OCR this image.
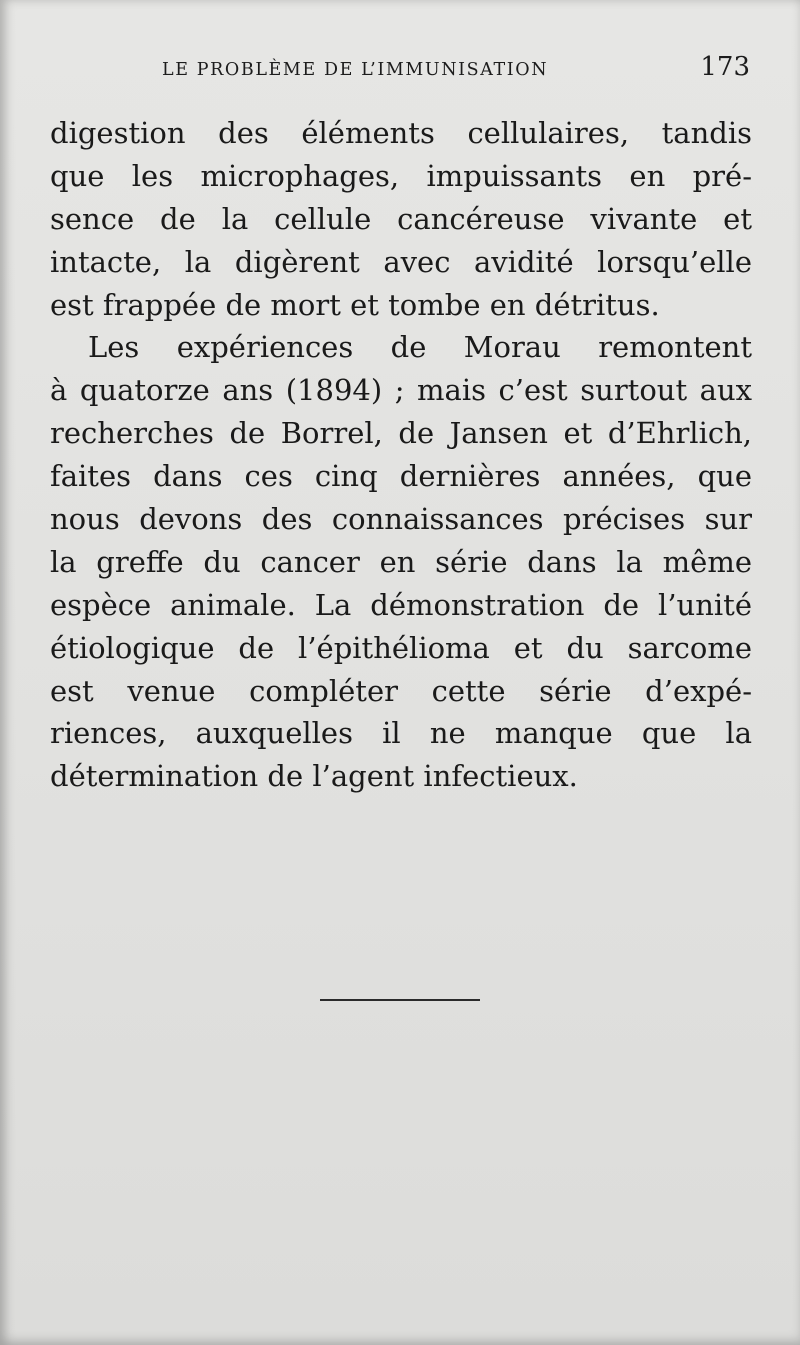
LE PROBLÈME DE L’IMMUNISATION	173
digestion des éléments cellulaires, tandis
que les microphages, impuissants en pré-
sence de la cellule cancéreuse vivante et
intacte, la digèrent avec avidité lorsqu’elle
est frappée de mort et tombe en détritus.
Les expériences de Morau remontent
à quatorze ans (1894) ; mais c’est surtout aux
recherches de Borrel, de Jansen et d’Ehrlich,
faites dans ces cinq dernières années, que
nous devons des connaissances précises sur
la greffe du cancer en série dans la même
espèce animale. La démonstration de l’unité
étiologique de l’épithélioma et du sarcome
est venue compléter cette série d’expé-
riences, auxquelles il ne manque que la
détermination de l’agent infectieux.
